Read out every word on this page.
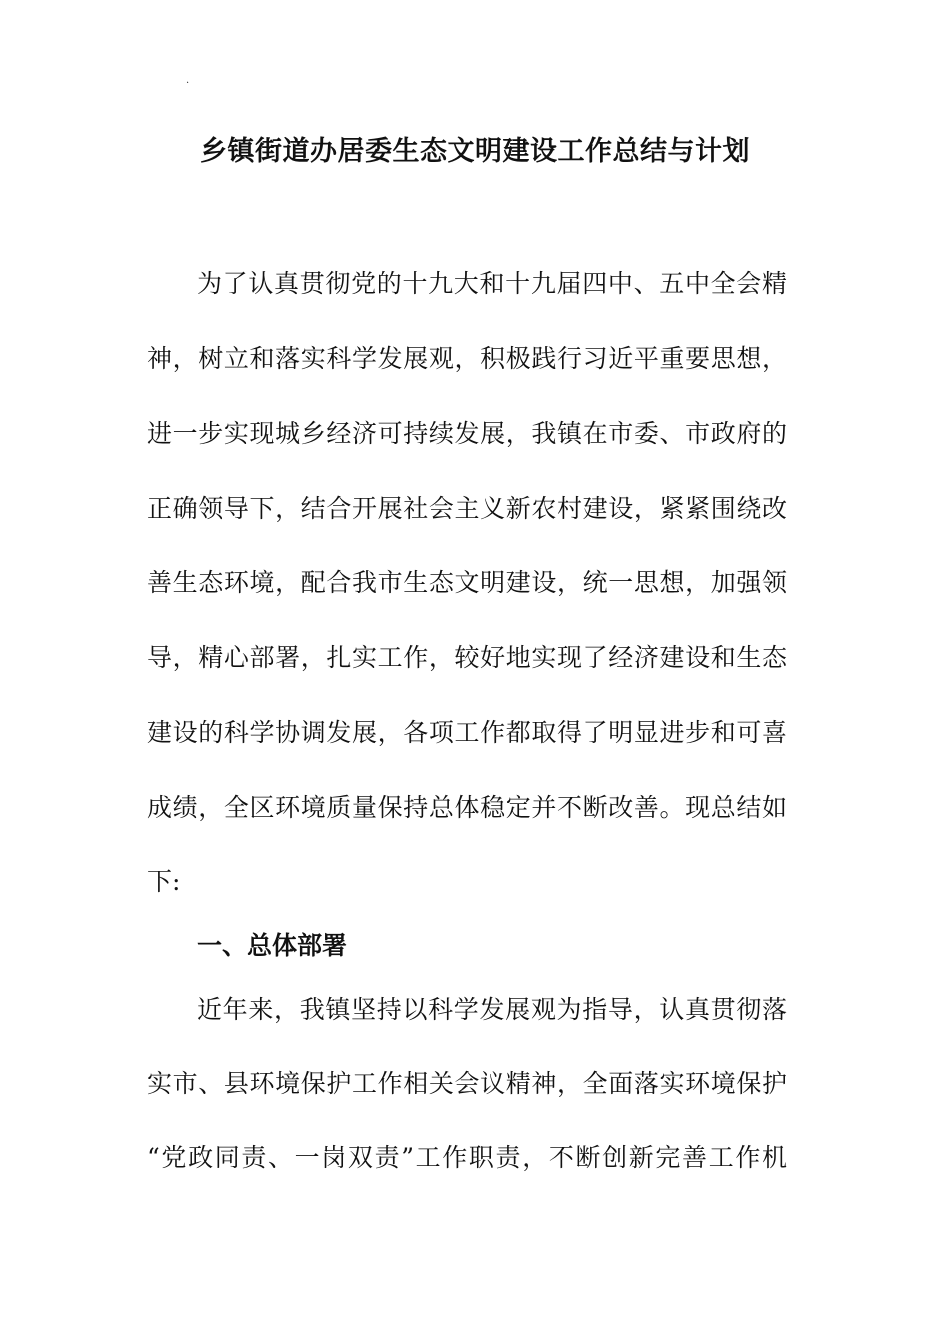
.
乡镇街道办居委生态文明建设工作总结与计划

为了认真贯彻党的十九大和十九届四中、五中全会精

神，树立和落实科学发展观，积极践行习近平重要思想，

进一步实现城乡经济可持续发展，我镇在市委、市政府的

正确领导下，结合开展社会主义新农村建设，紧紧围绕改

善生态环境，配合我市生态文明建设，统一思想，加强领

导，精心部署，扎实工作，较好地实现了经济建设和生态

建设的科学协调发展，各项工作都取得了明显进步和可喜

成绩，全区环境质量保持总体稳定并不断改善。现总结如

下:

一、总体部署

近年来，我镇坚持以科学发展观为指导，认真贯彻落

实市、县环境保护工作相关会议精神，全面落实环境保护

“党政同责、一岗双责”工作职责，不断创新完善工作机
